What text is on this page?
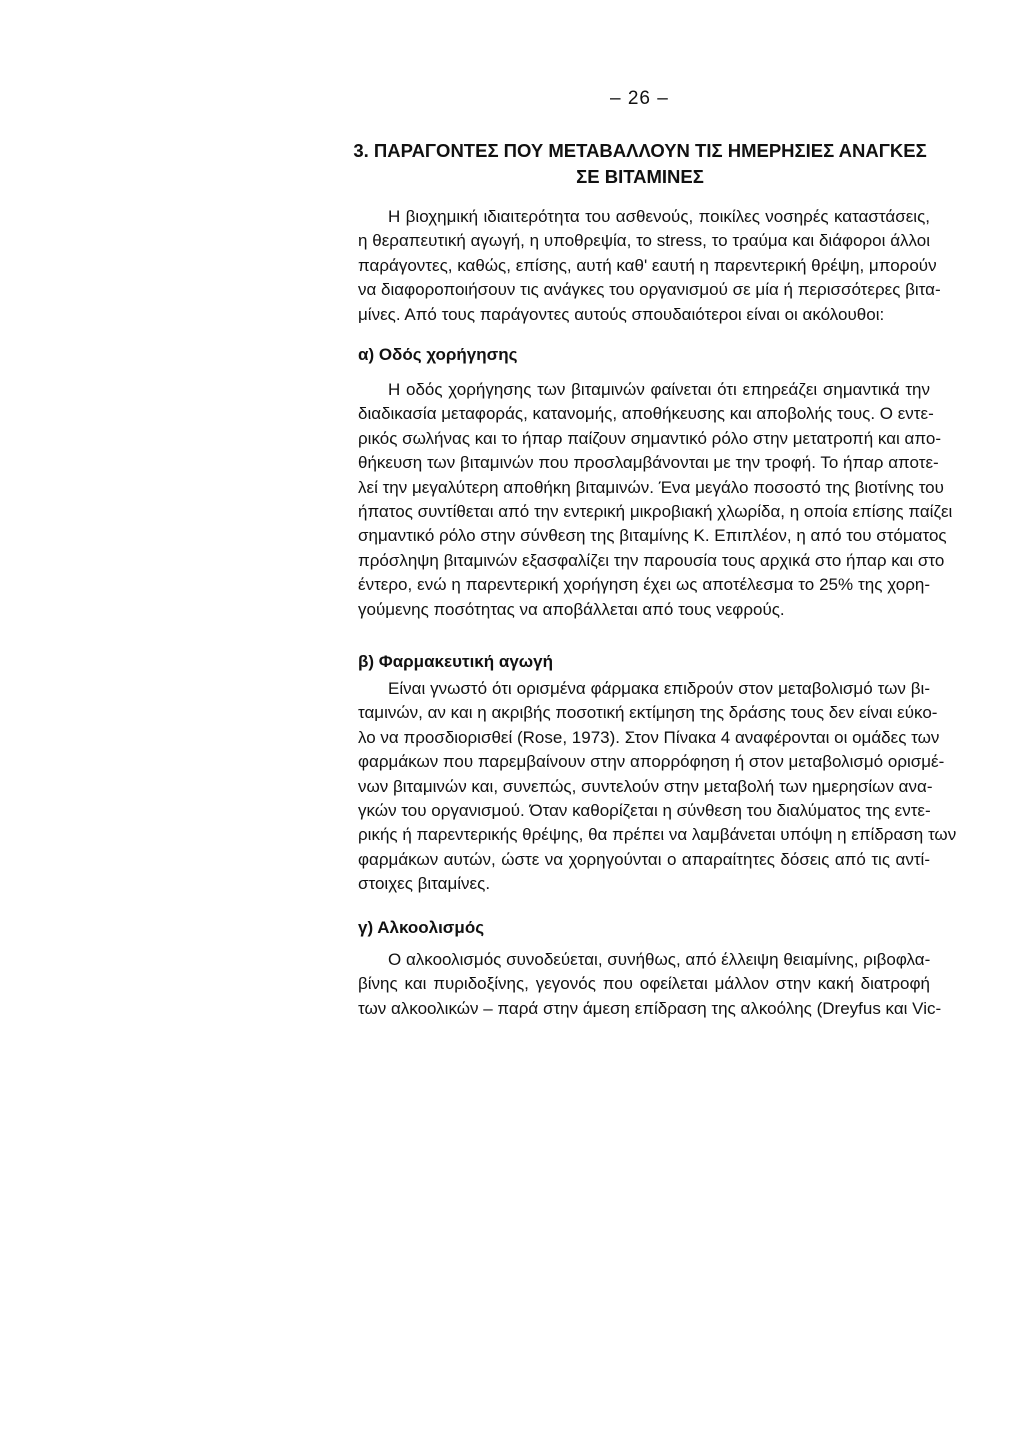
– 26 –
3. ΠΑΡΑΓΟΝΤΕΣ ΠΟΥ ΜΕΤΑΒΑΛΛΟΥΝ ΤΙΣ ΗΜΕΡΗΣΙΕΣ ΑΝΑΓΚΕΣ
ΣΕ ΒΙΤΑΜΙΝΕΣ
Η βιοχημική ιδιαιτερότητα του ασθενούς, ποικίλες νοσηρές καταστάσεις,
η θεραπευτική αγωγή, η υποθρεψία, το stress, το τραύμα και διάφοροι άλλοι
παράγοντες, καθώς, επίσης, αυτή καθ' εαυτή η παρεντερική θρέψη, μπορούν
να διαφοροποιήσουν τις ανάγκες του οργανισμού σε μία ή περισσότερες βιτα-
μίνες. Από τους παράγοντες αυτούς σπουδαιότεροι είναι οι ακόλουθοι:
α) Οδός χορήγησης
Η οδός χορήγησης των βιταμινών φαίνεται ότι επηρεάζει σημαντικά την
διαδικασία μεταφοράς, κατανομής, αποθήκευσης και αποβολής τους. Ο εντε-
ρικός σωλήνας και το ήπαρ παίζουν σημαντικό ρόλο στην μετατροπή και απο-
θήκευση των βιταμινών που προσλαμβάνονται με την τροφή. Το ήπαρ αποτε-
λεί την μεγαλύτερη αποθήκη βιταμινών. Ένα μεγάλο ποσοστό της βιοτίνης του
ήπατος συντίθεται από την εντερική μικροβιακή χλωρίδα, η οποία επίσης παίζει
σημαντικό ρόλο στην σύνθεση της βιταμίνης Κ. Επιπλέον, η από του στόματος
πρόσληψη βιταμινών εξασφαλίζει την παρουσία τους αρχικά στο ήπαρ και στο
έντερο, ενώ η παρεντερική χορήγηση έχει ως αποτέλεσμα το 25% της χορη-
γούμενης ποσότητας να αποβάλλεται από τους νεφρούς.
β) Φαρμακευτική αγωγή
Είναι γνωστό ότι ορισμένα φάρμακα επιδρούν στον μεταβολισμό των βι-
ταμινών, αν και η ακριβής ποσοτική εκτίμηση της δράσης τους δεν είναι εύκο-
λο να προσδιορισθεί (Rose, 1973). Στον Πίνακα 4 αναφέρονται οι ομάδες των
φαρμάκων που παρεμβαίνουν στην απορρόφηση ή στον μεταβολισμό ορισμέ-
νων βιταμινών και, συνεπώς, συντελούν στην μεταβολή των ημερησίων ανα-
γκών του οργανισμού. Όταν καθορίζεται η σύνθεση του διαλύματος της εντε-
ρικής ή παρεντερικής θρέψης, θα πρέπει να λαμβάνεται υπόψη η επίδραση των
φαρμάκων αυτών, ώστε να χορηγούνται ο απαραίτητες δόσεις από τις αντί-
στοιχες βιταμίνες.
γ) Αλκοολισμός
Ο αλκοολισμός συνοδεύεται, συνήθως, από έλλειψη θειαμίνης, ριβοφλα-
βίνης και πυριδοξίνης, γεγονός που οφείλεται μάλλον στην κακή διατροφή
των αλκοολικών – παρά στην άμεση επίδραση της αλκοόλης (Dreyfus και Vic-
